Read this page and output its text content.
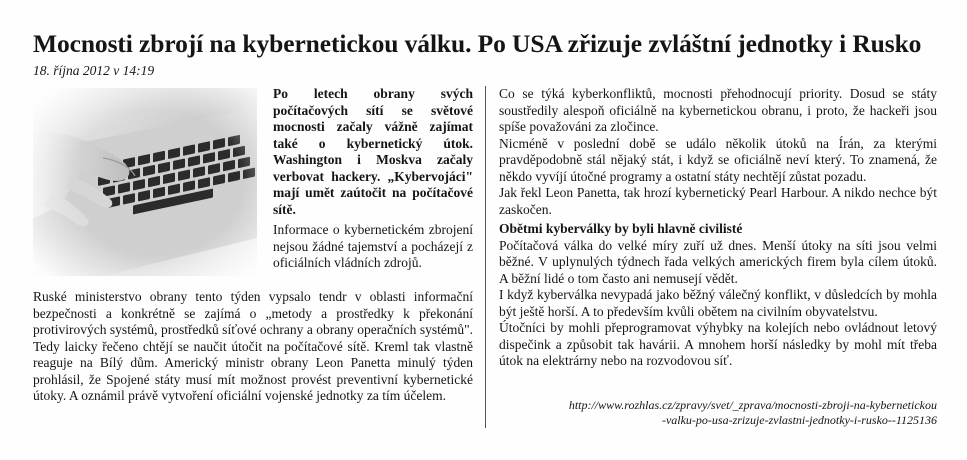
Mocnosti zbrojí na kybernetickou válku. Po USA zřizuje zvláštní jednotky i Rusko
18. října 2012 v 14:19
Po letech obrany svých počítačových sítí se světové mocnosti začaly vážně zajímat také o kybernetický útok. Washington i Moskva začaly verbovat hackery. „Kybervojáci" mají umět zaútočit na počítačové sítě.
Informace o kybernetickém zbrojení nejsou žádné tajemství a pocházejí z oficiálních vládních zdrojů.
Ruské ministerstvo obrany tento týden vypsalo tendr v oblasti informační bezpečnosti a konkrétně se zajímá o „metody a prostředky k překonání protivirových systémů, prostředků síťové ochrany a obrany operačních systémů". Tedy laicky řečeno chtějí se naučit útočit na počítačové sítě. Kreml tak vlastně reaguje na Bílý dům. Americký ministr obrany Leon Panetta minulý týden prohlásil, že Spojené státy musí mít možnost provést preventivní kybernetické útoky. A oznámil právě vytvoření oficiální vojenské jednotky za tím účelem.

Co se týká kyberkonfliktů, mocnosti přehodnocují priority. Dosud se státy soustředily alespoň oficiálně na kybernetickou obranu, i proto, že hackeři jsou spíše považováni za zločince.

Nicméně v poslední době se událo několik útoků na Írán, za kterými pravděpodobně stál nějaký stát, i když se oficiálně neví který. To znamená, že někdo vyvíjí útočné programy a ostatní státy nechtějí zůstat pozadu.

Jak řekl Leon Panetta, tak hrozí kybernetický Pearl Harbour. A nikdo nechce být zaskočen.

Obětmi kyberválky by byli hlavně civilisté

Počítačová válka do velké míry zuří už dnes. Menší útoky na síti jsou velmi běžné. V uplynulých týdnech řada velkých amerických firem byla cílem útoků. A běžní lidé o tom často ani nemusejí vědět.

I když kyberválka nevypadá jako běžný válečný konflikt, v důsledcích by mohla být ještě horší. A to především kvůli obětem na civilním obyvatelstvu.

Útočníci by mohli přeprogramovat výhybky na kolejích nebo ovládnout letový dispečink a způsobit tak havárii. A mnohem horší následky by mohl mít třeba útok na elektrárny nebo na rozvodovou síť.

http://www.rozhlas.cz/zpravy/svet/_zprava/mocnosti-zbroji-na-kybernetickou
-valku-po-usa-zrizuje-zvlastni-jednotky-i-rusko--1125136
